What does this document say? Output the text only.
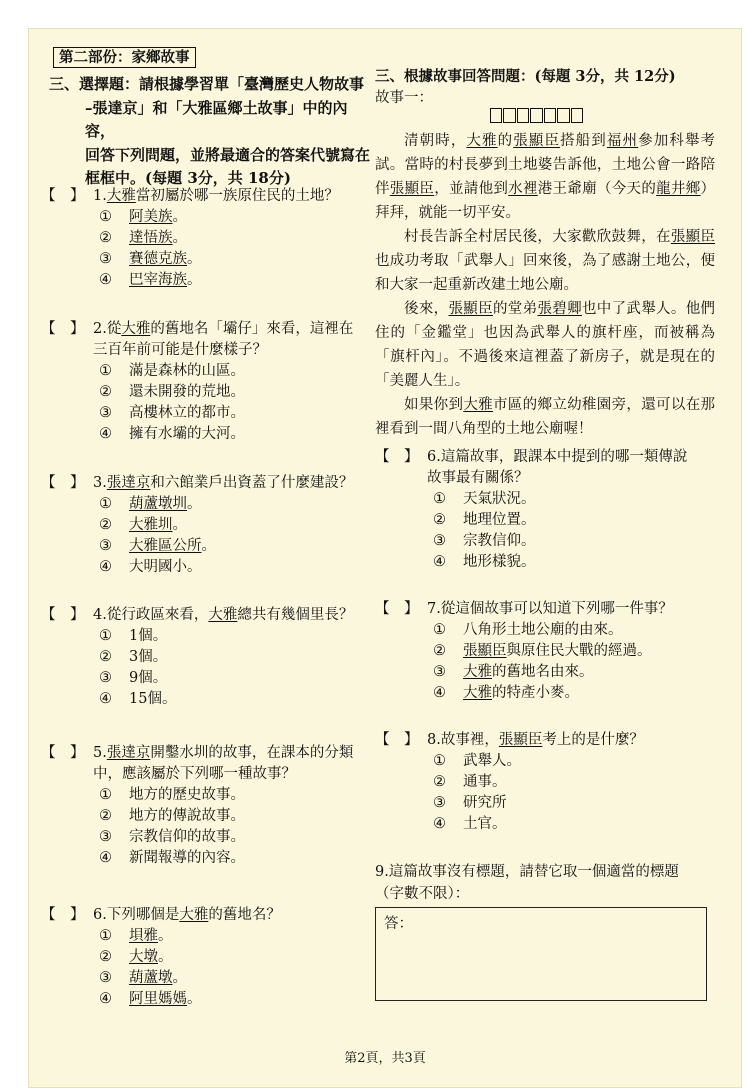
第二部份：家鄉故事
三、選擇題：請根據學習單「臺灣歷史人物故事
–張達京」和「大雅區鄉土故事」中的內容，
回答下列問題，並將最適合的答案代號寫在
框框中。(每題 3分，共 18分)
【　】 1.大雅當初屬於哪一族原住民的土地？
①	阿美族。
②	達悟族。
③	賽德克族。
④	巴宰海族。
【　】 2.從大雅的舊地名「壩仔」來看，這裡在
三百年前可能是什麼樣子？
①	滿是森林的山區。
②	還未開發的荒地。
③	高樓林立的都市。
④	擁有水壩的大河。
【　】 3.張達京和六館業戶出資蓋了什麼建設？
①	葫蘆墩圳。
②	大雅圳。
③	大雅區公所。
④	大明國小。
【　】 4.從行政區來看，大雅總共有幾個里長？
①	1個。
②	3個。
③	9個。
④	15個。
【　】 5.張達京開鑿水圳的故事，在課本的分類
中，應該屬於下列哪一種故事？
①	地方的歷史故事。
②	地方的傳說故事。
③	宗教信仰的故事。
④	新聞報導的內容。
【　】 6.下列哪個是大雅的舊地名？
①	垻雅。
②	大墩。
③	葫蘆墩。
④	阿里媽媽。
三、根據故事回答問題：(每題 3分，共 12分)
故事一：

清朝時，大雅的張顯臣搭船到福州參加科舉考試。當時的村長夢到土地婆告訴他，土地公會一路陪伴張顯臣，並請他到水裡港王爺廟（今天的龍井鄉）拜拜，就能一切平安。

村長告訴全村居民後，大家歡欣鼓舞，在張顯臣也成功考取「武舉人」回來後，為了感謝土地公，便和大家一起重新改建土地公廟。

後來，張顯臣的堂弟張碧卿也中了武舉人。他們住的「金鑑堂」也因為武舉人的旗杆座，而被稱為「旗杆內」。不過後來這裡蓋了新房子，就是現在的「美麗人生」。

如果你到大雅市區的鄉立幼稚園旁，還可以在那裡看到一間八角型的土地公廟喔！

【　】 6.這篇故事，跟課本中提到的哪一類傳說
故事最有關係？
①	天氣狀況。
②	地理位置。
③	宗教信仰。
④	地形樣貌。
【　】 7.從這個故事可以知道下列哪一件事？
①	八角形土地公廟的由來。
②	張顯臣與原住民大戰的經過。
③	大雅的舊地名由來。
④	大雅的特產小麥。
【　】 8.故事裡，張顯臣考上的是什麼？
①	武舉人。
②	通事。
③	研究所
④	土官。
9.這篇故事沒有標題，請替它取一個適當的標題
（字數不限）：
答：
第2頁，共3頁
